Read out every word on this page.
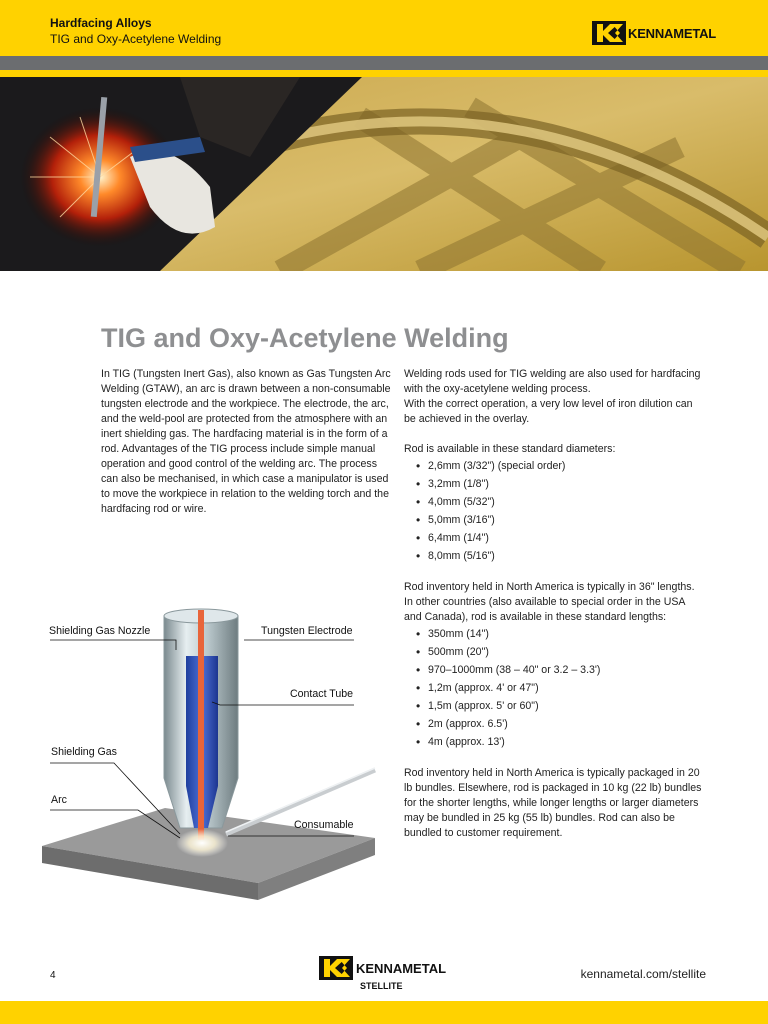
Hardfacing Alloys
TIG and Oxy-Acetylene Welding	KENNAMETAL
TIG and Oxy-Acetylene Welding

In TIG (Tungsten Inert Gas), also known as Gas Tungsten Arc Welding (GTAW), an arc is drawn between a non-consumable tungsten electrode and the workpiece. The electrode, the arc, and the weld-pool are protected from the atmosphere with an inert shielding gas. The hardfacing material is in the form of a rod. Advantages of the TIG process include simple manual operation and good control of the welding arc. The process can also be mechanised, in which case a manipulator is used to move the workpiece in relation to the welding torch and the hardfacing rod or wire.

Welding rods used for TIG welding are also used for hardfacing with the oxy-acetylene welding process.

With the correct operation, a very low level of iron dilution can be achieved in the overlay.

Rod is available in these standard diameters:

• 2,6mm (3/32") (special order)
• 3,2mm (1/8")
• 4,0mm (5/32")
• 5,0mm (3/16")
• 6,4mm (1/4")
• 8,0mm (5/16")

Rod inventory held in North America is typically in 36" lengths. In other countries (also available to special order in the USA and Canada), rod is available in these standard lengths:

• 350mm (14")
• 500mm (20")
• 970–1000mm (38 – 40" or 3.2 – 3.3')
• 1,2m (approx. 4' or 47")
• 1,5m (approx. 5' or 60")
• 2m (approx. 6.5')
• 4m (approx. 13')

Rod inventory held in North America is typically packaged in 20 lb bundles. Elsewhere, rod is packaged in 10 kg (22 lb) bundles for the shorter lengths, while longer lengths or larger diameters may be bundled in 25 kg (55 lb) bundles. Rod can also be bundled to customer requirement.

Shielding Gas Nozzle	Tungsten Electrode
Contact Tube
Shielding Gas
Arc
Consumable
4	KENNAMETAL
STELLITE
kennametal.com/stellite
